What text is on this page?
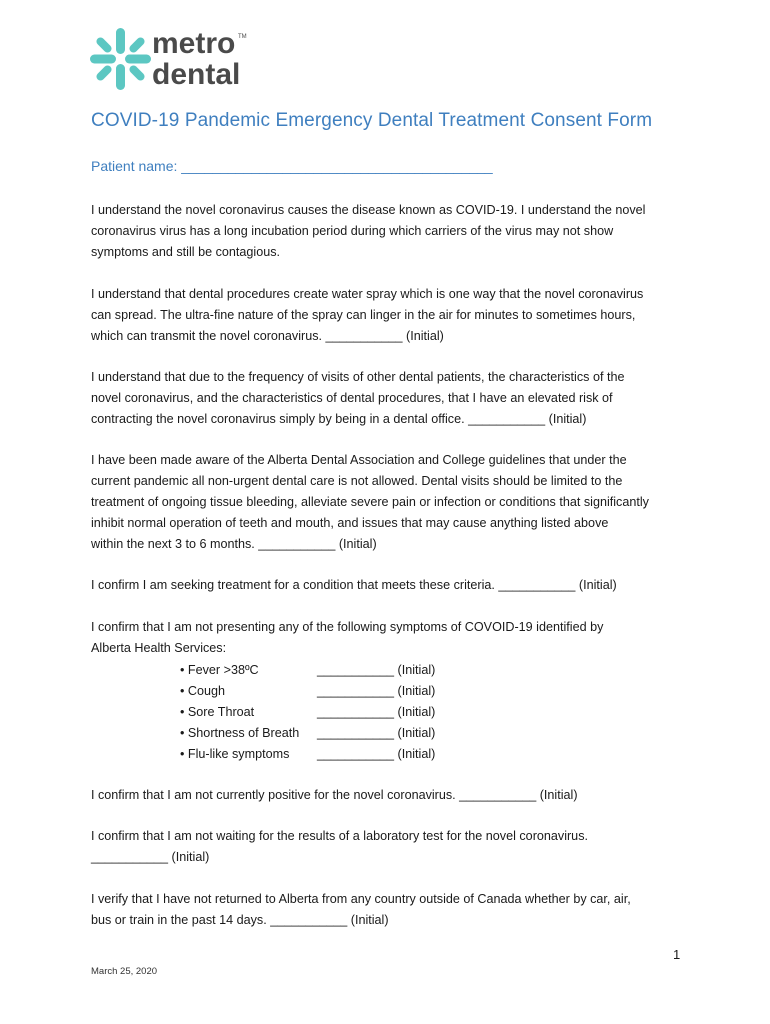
metro TM
dental
COVID-19 Pandemic Emergency Dental Treatment Consent Form
Patient name: ________________________________________

I understand the novel coronavirus causes the disease known as COVID-19. I understand the novel

coronavirus virus has a long incubation period during which carriers of the virus may not show

symptoms and still be contagious.

I understand that dental procedures create water spray which is one way that the novel coronavirus

can spread. The ultra-fine nature of the spray can linger in the air for minutes to sometimes hours,

which can transmit the novel coronavirus. ___________ (Initial)

I understand that due to the frequency of visits of other dental patients, the characteristics of the

novel coronavirus, and the characteristics of dental procedures, that I have an elevated risk of

contracting the novel coronavirus simply by being in a dental office. ___________ (Initial)

I have been made aware of the Alberta Dental Association and College guidelines that under the

current pandemic all non-urgent dental care is not allowed. Dental visits should be limited to the

treatment of ongoing tissue bleeding, alleviate severe pain or infection or conditions that significantly

inhibit normal operation of teeth and mouth, and issues that may cause anything listed above

within the next 3 to 6 months. ___________ (Initial)

I confirm I am seeking treatment for a condition that meets these criteria. ___________ (Initial)

I confirm that I am not presenting any of the following symptoms of COVOID-19 identified by

Alberta Health Services:

• Fever >38ºC	___________ (Initial)
• Cough	___________ (Initial)
• Sore Throat	___________ (Initial)
• Shortness of Breath	___________ (Initial)
• Flu-like symptoms	___________ (Initial)

I confirm that I am not currently positive for the novel coronavirus. ___________ (Initial)

I confirm that I am not waiting for the results of a laboratory test for the novel coronavirus.

___________ (Initial)

I verify that I have not returned to Alberta from any country outside of Canada whether by car, air,

bus or train in the past 14 days. ___________ (Initial)

1
March 25, 2020
